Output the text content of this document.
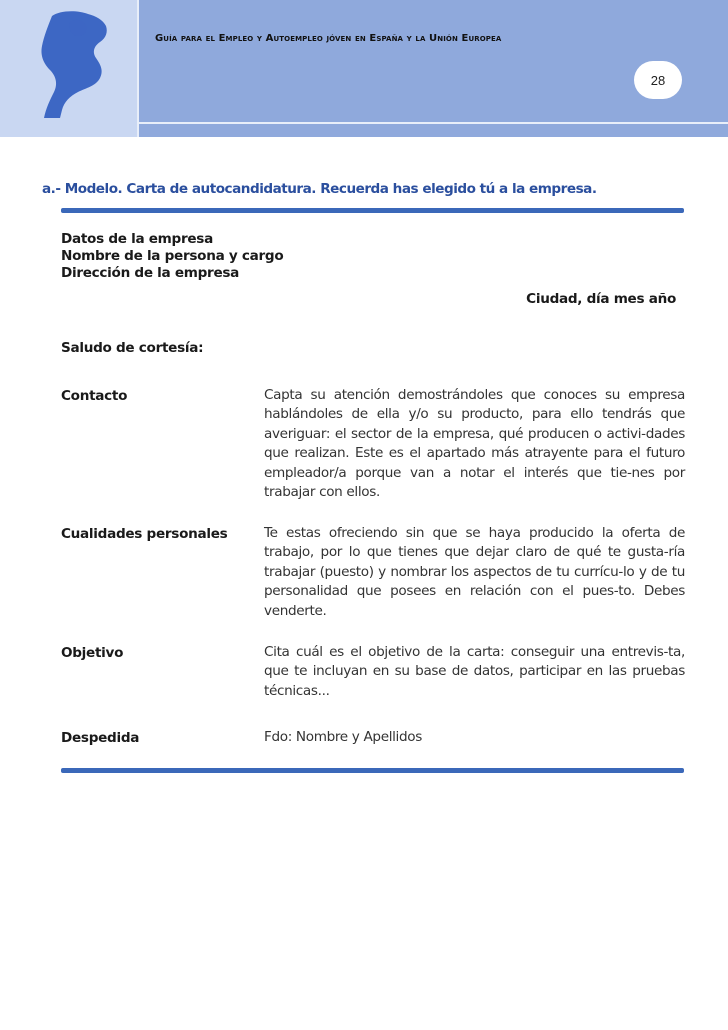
Guía para el Empleo y Autoempleo jóven en España y la Unión Europea
28
a.- Modelo. Carta de autocandidatura. Recuerda has elegido tú a la empresa.
Datos de la empresa
Nombre de la persona y cargo
Dirección de la empresa
Ciudad, día mes año
Saludo de cortesía:
Contacto	Capta su atención demostrándoles que conoces su empresa hablándoles de ella y/o su producto, para ello tendrás que averiguar: el sector de la empresa, qué producen o activi-dades que realizan. Este es el apartado más atrayente para el futuro empleador/a porque van a notar el interés que tie-nes por trabajar con ellos.
Cualidades personales	Te estas ofreciendo sin que se haya producido la oferta de trabajo, por lo que tienes que dejar claro de qué te gusta-ría trabajar (puesto) y nombrar los aspectos de tu currícu-lo y de tu personalidad que posees en relación con el pues-to. Debes venderte.
Objetivo	Cita cuál es el objetivo de la carta: conseguir una entrevis-ta, que te incluyan en su base de datos, participar en las pruebas técnicas...
Despedida	Fdo: Nombre y Apellidos
